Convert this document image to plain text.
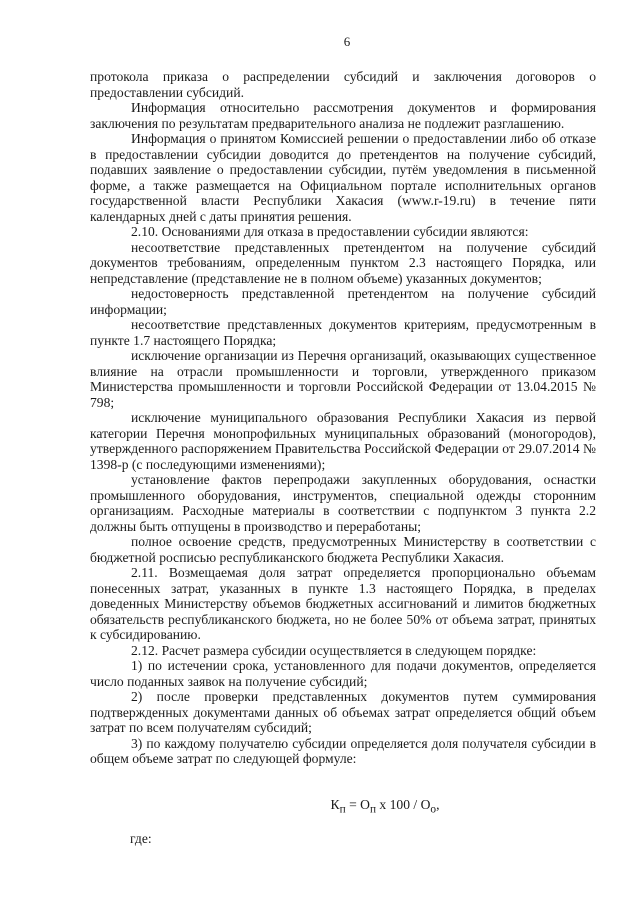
6

протокола приказа о распределении субсидий и заключения договоров о предоставлении субсидий.

Информация относительно рассмотрения документов и формирования заключения по результатам предварительного анализа не подлежит разглашению.

Информация о принятом Комиссией решении о предоставлении либо об отказе в предоставлении субсидии доводится до претендентов на получение субсидий, подавших заявление о предоставлении субсидии, путём уведомления в письменной форме, а также размещается на Официальном портале исполнительных органов государственной власти Республики Хакасия (www.r-19.ru) в течение пяти календарных дней с даты принятия решения.

2.10. Основаниями для отказа в предоставлении субсидии являются:

несоответствие представленных претендентом на получение субсидий документов требованиям, определенным пунктом 2.3 настоящего Порядка, или непредставление (представление не в полном объеме) указанных документов;

недостоверность представленной претендентом на получение субсидий информации;

несоответствие представленных документов критериям, предусмотренным в пункте 1.7 настоящего Порядка;

исключение организации из Перечня организаций, оказывающих существенное влияние на отрасли промышленности и торговли, утвержденного приказом Министерства промышленности и торговли Российской Федерации от 13.04.2015 № 798;

исключение муниципального образования Республики Хакасия из первой категории Перечня монопрофильных муниципальных образований (моногородов), утвержденного распоряжением Правительства Российской Федерации от 29.07.2014 № 1398-р (с последующими изменениями);

установление фактов перепродажи закупленных оборудования, оснастки промышленного оборудования, инструментов, специальной одежды сторонним организациям. Расходные материалы в соответствии с подпунктом 3 пункта 2.2 должны быть отпущены в производство и переработаны;

полное освоение средств, предусмотренных Министерству в соответствии с бюджетной росписью республиканского бюджета Республики Хакасия.

2.11. Возмещаемая доля затрат определяется пропорционально объемам понесенных затрат, указанных в пункте 1.3 настоящего Порядка, в пределах доведенных Министерству объемов бюджетных ассигнований и лимитов бюджетных обязательств республиканского бюджета, но не более 50% от объема затрат, принятых к субсидированию.

2.12. Расчет размера субсидии осуществляется в следующем порядке:

1) по истечении срока, установленного для подачи документов, определяется число поданных заявок на получение субсидий;

2) после проверки представленных документов путем суммирования подтвержденных документами данных об объемах затрат определяется общий объем затрат по всем получателям субсидий;

3) по каждому получателю субсидии определяется доля получателя субсидии в общем объеме затрат по следующей формуле:

$К_п = О_п$ х $100 / О_о$,
где:
